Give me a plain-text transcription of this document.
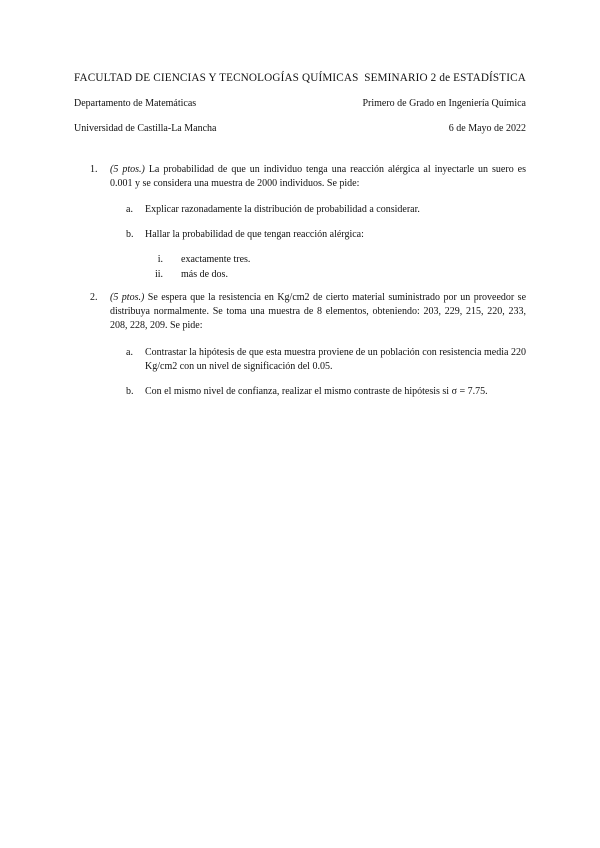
FACULTAD DE CIENCIAS Y TECNOLOGÍAS QUÍMICAS SEMINARIO 2 de ESTADÍSTICA
Departamento de Matemáticas	Primero de Grado en Ingeniería Química
Universidad de Castilla-La Mancha	6 de Mayo de 2022
1. (5 ptos.) La probabilidad de que un individuo tenga una reacción alérgica al inyectarle un suero es 0.001 y se considera una muestra de 2000 individuos. Se pide:
a. Explicar razonadamente la distribución de probabilidad a considerar.
b. Hallar la probabilidad de que tengan reacción alérgica:
i. exactamente tres.
ii. más de dos.
2. (5 ptos.) Se espera que la resistencia en Kg/cm2 de cierto material suministrado por un proveedor se distribuya normalmente. Se toma una muestra de 8 elementos, obteniendo: 203, 229, 215, 220, 233, 208, 228, 209. Se pide:
a. Contrastar la hipótesis de que esta muestra proviene de un población con resistencia media 220 Kg/cm2 con un nivel de significación del 0.05.
b. Con el mismo nivel de confianza, realizar el mismo contraste de hipótesis si σ = 7.75.
